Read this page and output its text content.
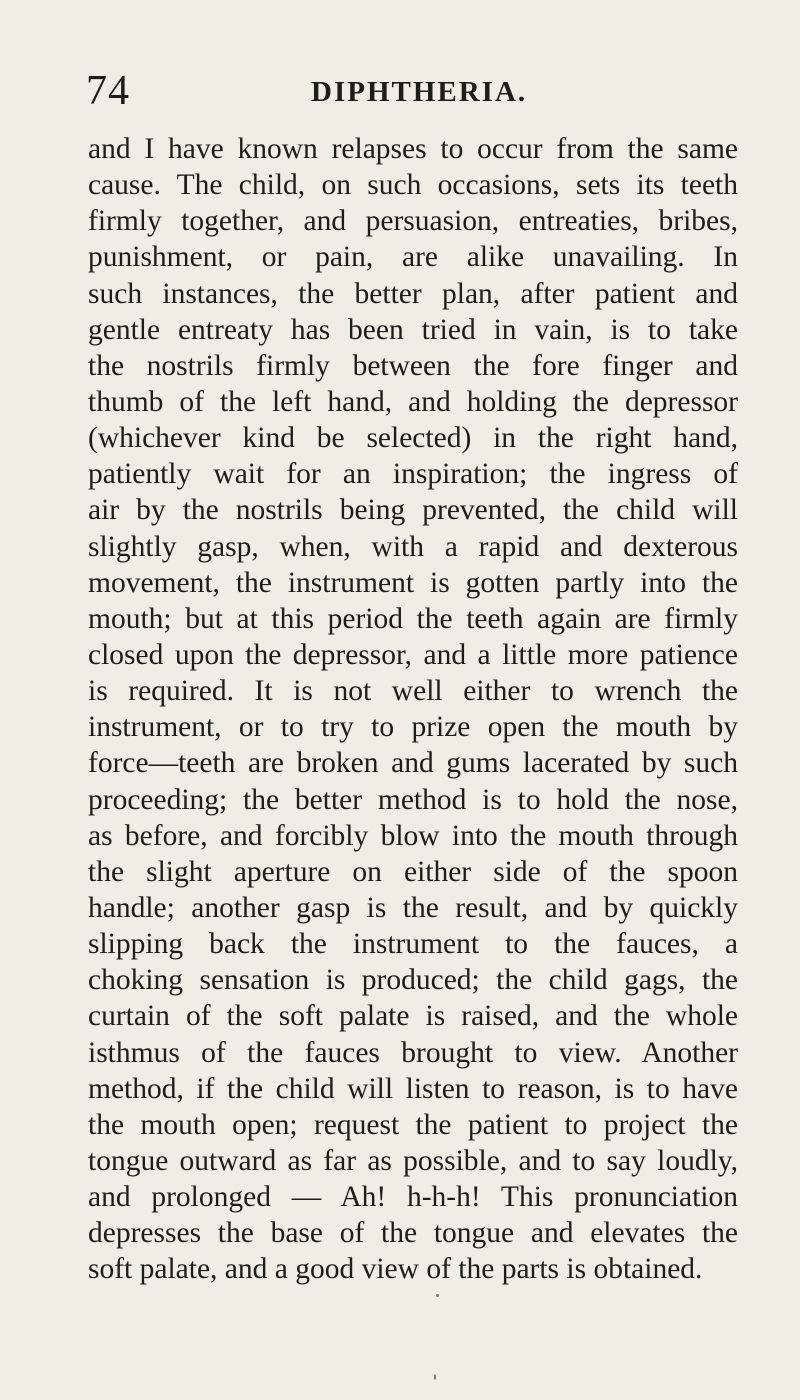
74	DIPHTHERIA.
and I have known relapses to occur from the same
cause. The child, on such occasions, sets its teeth
firmly together, and persuasion, entreaties, bribes,
punishment, or pain, are alike unavailing. In
such instances, the better plan, after patient and
gentle entreaty has been tried in vain, is to take
the nostrils firmly between the fore finger and
thumb of the left hand, and holding the depressor
(whichever kind be selected) in the right hand,
patiently wait for an inspiration; the ingress of
air by the nostrils being prevented, the child will
slightly gasp, when, with a rapid and dexterous
movement, the instrument is gotten partly into the
mouth; but at this period the teeth again are firmly
closed upon the depressor, and a little more patience
is required. It is not well either to wrench the
instrument, or to try to prize open the mouth by
force—teeth are broken and gums lacerated by such
proceeding; the better method is to hold the nose,
as before, and forcibly blow into the mouth through
the slight aperture on either side of the spoon
handle; another gasp is the result, and by quickly
slipping back the instrument to the fauces, a
choking sensation is produced; the child gags, the
curtain of the soft palate is raised, and the whole
isthmus of the fauces brought to view. Another
method, if the child will listen to reason, is to have
the mouth open; request the patient to project the
tongue outward as far as possible, and to say loudly,
and prolonged — Ah! h-h-h! This pronunciation
depresses the base of the tongue and elevates the
soft palate, and a good view of the parts is obtained.
